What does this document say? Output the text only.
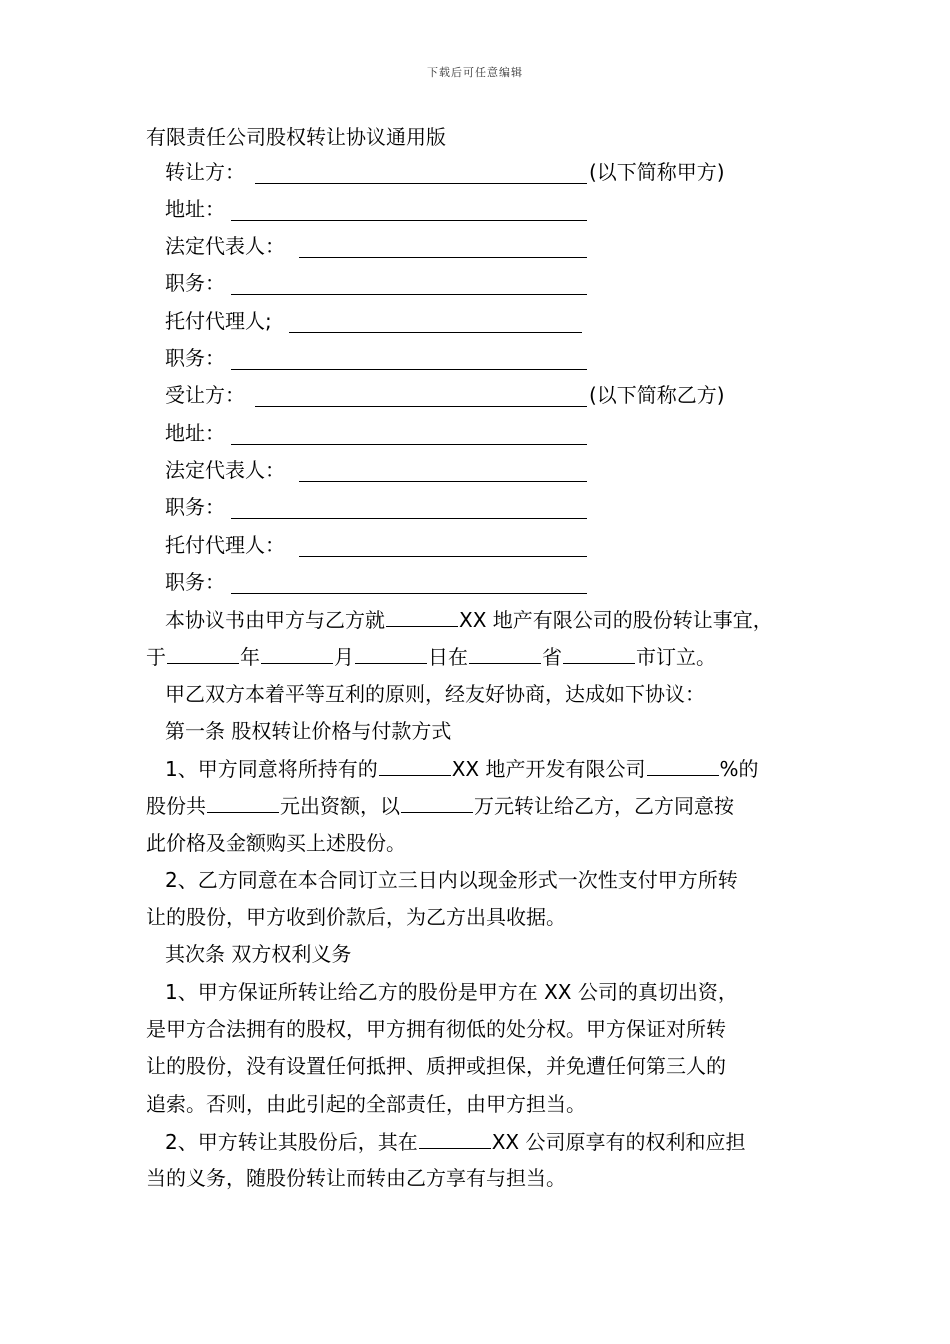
下载后可任意编辑
有限责任公司股权转让协议通用版
转让方：	(以下简称甲方)
地址：
法定代表人：
职务：
托付代理人;
职务：
受让方：	(以下简称乙方)
地址：
法定代表人：
职务：
托付代理人：
职务：
本协议书由甲方与乙方就	XX 地产有限公司的股份转让事宜，
于	年	月	日在	省	市订立。
甲乙双方本着平等互利的原则，经友好协商，达成如下协议：
第一条 股权转让价格与付款方式
1、甲方同意将所持有的	XX 地产开发有限公司	%的
股份共	元出资额，以	万元转让给乙方，乙方同意按
此价格及金额购买上述股份。
2、乙方同意在本合同订立三日内以现金形式一次性支付甲方所转
让的股份，甲方收到价款后，为乙方出具收据。
其次条 双方权利义务
1、甲方保证所转让给乙方的股份是甲方在 XX 公司的真切出资，
是甲方合法拥有的股权，甲方拥有彻低的处分权。甲方保证对所转
让的股份，没有设置任何抵押、质押或担保，并免遭任何第三人的
追索。否则，由此引起的全部责任，由甲方担当。
2、甲方转让其股份后，其在	XX 公司原享有的权利和应担
当的义务，随股份转让而转由乙方享有与担当。
